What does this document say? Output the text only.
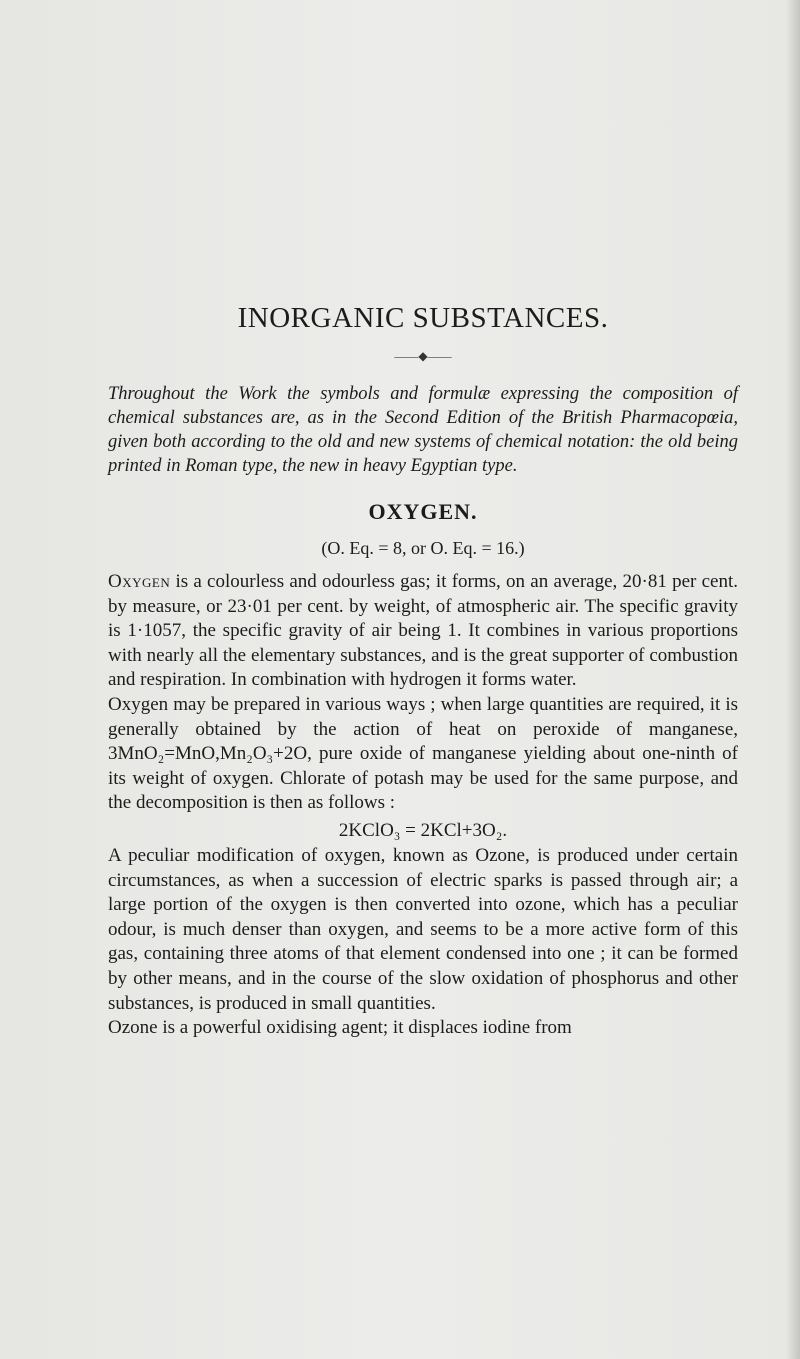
INORGANIC SUBSTANCES.
——◆——

Throughout the Work the symbols and formulæ expressing the composition of chemical substances are, as in the Second Edition of the British Pharmacopœia, given both according to the old and new systems of chemical notation: the old being printed in Roman type, the new in heavy Egyptian type.

OXYGEN.
(O. Eq. = 8, or O. Eq. = 16.)

Oxygen is a colourless and odourless gas; it forms, on an average, 20·81 per cent. by measure, or 23·01 per cent. by weight, of atmospheric air. The specific gravity is 1·1057, the specific gravity of air being 1. It combines in various proportions with nearly all the elementary substances, and is the great supporter of combustion and respiration. In combination with hydrogen it forms water.

Oxygen may be prepared in various ways ; when large quantities are required, it is generally obtained by the action of heat on peroxide of manganese, 3MnO₂=MnO,Mn₂O₃+2O, pure oxide of manganese yielding about one-ninth of its weight of oxygen. Chlorate of potash may be used for the same purpose, and the decomposition is then as follows :

2KClO₃ = 2KCl+3O₂.

A peculiar modification of oxygen, known as Ozone, is produced under certain circumstances, as when a succession of electric sparks is passed through air; a large portion of the oxygen is then converted into ozone, which has a peculiar odour, is much denser than oxygen, and seems to be a more active form of this gas, containing three atoms of that element condensed into one ; it can be formed by other means, and in the course of the slow oxidation of phosphorus and other substances, is produced in small quantities.

Ozone is a powerful oxidising agent; it displaces iodine from
